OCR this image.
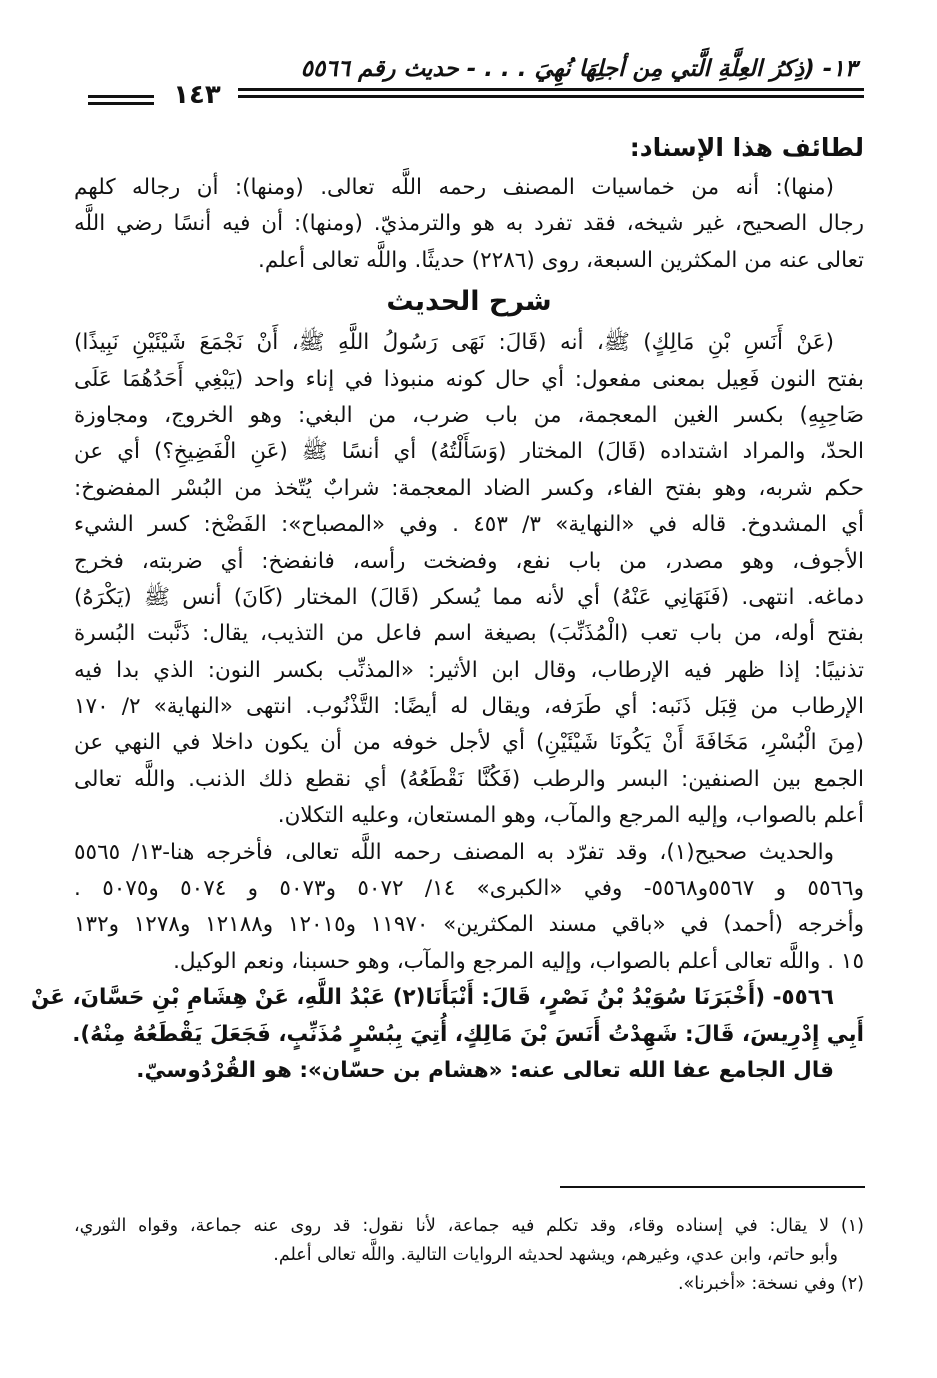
١٣- (ذِكرُ العِلَّةِ الَّتي مِن أجلِهَا نُهِيَ . . . - حديث رقم ٥٥٦٦
١٤٣
لطائف هذا الإسناد:
(منها): أنه من خماسيات المصنف رحمه اللَّه تعالى. (ومنها): أن رجاله كلهم
رجال الصحيح، غير شيخه، فقد تفرد به هو والترمذيّ. (ومنها): أن فيه أنسًا رضي اللَّه
تعالى عنه من المكثرين السبعة، روى (٢٢٨٦) حديثًا. واللَّه تعالى أعلم.
شرح الحديث
(عَنْ أَنَسِ بْنِ مَالِكٍ) ﷺ، أنه (قَالَ: نَهَى رَسُولُ اللَّهِ ﷺ، أَنْ نَجْمَعَ شَيْئَيْنِ نَبِيذًا)
بفتح النون فَعِيل بمعنى مفعول: أي حال كونه منبوذا في إناء واحد (يَبْغِي أَحَدُهُمَا عَلَى
صَاحِبِهِ) بكسر الغين المعجمة، من باب ضرب، من البغي: وهو الخروج، ومجاوزة
الحدّ، والمراد اشتداده (قَالَ) المختار (وَسَأَلْتُهُ) أي أنسًا ﷺ (عَنِ الْفَضِيخِ؟) أي عن
حكم شربه، وهو بفتح الفاء، وكسر الضاد المعجمة: شرابٌ يُتّخذ من البُسْر المفضوخ:
أي المشدوخ. قاله في «النهاية» ٣/ ٤٥٣ . وفي «المصباح»: الفَضْخ: كسر الشيء
الأجوف، وهو مصدر، من باب نفع، وفضخت رأسه، فانفضخ: أي ضربته، فخرج
دماغه. انتهى. (فَنَهَانِي عَنْهُ) أي لأنه مما يُسكر (قَالَ) المختار (كَانَ) أنس ﷺ (يَكْرَهُ)
بفتح أوله، من باب تعب (الْمُذَنِّبَ) بصيغة اسم فاعل من التذيب، يقال: ذَنَّبت البُسرة
تذنيبًا: إذا ظهر فيه الإرطاب، وقال ابن الأثير: «المذنِّب بكسر النون: الذي بدا فيه
الإرطاب من قِبَل ذَنَبه: أي طَرَفه، ويقال له أيضًا: التَّذْنُوب. انتهى «النهاية» ٢/ ١٧٠
(مِنَ الْبُسْرِ، مَخَافَةَ أَنْ يَكُونَا شَيْئَيْنِ) أي لأجل خوفه من أن يكون داخلا في النهي عن
الجمع بين الصنفين: البسر والرطب (فَكُنَّا نَقْطَعُهُ) أي نقطع ذلك الذنب. واللَّه تعالى
أعلم بالصواب، وإليه المرجع والمآب، وهو المستعان، وعليه التكلان.
والحديث صحيح(١)، وقد تفرّد به المصنف رحمه اللَّه تعالى، فأخرجه هنا-١٣/ ٥٥٦٥
و٥٥٦٦ و ٥٥٦٧و٥٥٦٨- وفي «الكبرى» ١٤/ ٥٠٧٢ و٥٠٧٣ و ٥٠٧٤ و٥٠٧٥ .
وأخرجه (أحمد) في «باقي مسند المكثرين» ١١٩٧٠ و١٢٠١٥ و١٢١٨٨ و١٢٧٨ و١٣٢
١٥ . واللَّه تعالى أعلم بالصواب، وإليه المرجع والمآب، وهو حسبنا، ونعم الوكيل.
٥٥٦٦- (أَخْبَرَنَا سُوَيْدُ بْنُ نَصْرٍ، قَالَ: أَنْبَأَنَا(٢) عَبْدُ اللَّهِ، عَنْ هِشَامِ بْنِ حَسَّانَ، عَنْ
أَبِي إِدْرِيسَ، قَالَ: شَهِدْتُ أَنَسَ بْنَ مَالِكٍ، أُتِيَ بِبُسْرٍ مُذَنِّبٍ، فَجَعَلَ يَقْطَعُهُ مِنْهُ).
قال الجامع عفا الله تعالى عنه: «هشام بن حسّان»: هو القُرْدُوسيّ.
(١) لا يقال: في إسناده وقاء، وقد تكلم فيه جماعة، لأنا نقول: قد روى عنه جماعة، وقواه الثوري،
وأبو حاتم، وابن عدي، وغيرهم، ويشهد لحديثه الروايات التالية. واللَّه تعالى أعلم.
(٢) وفي نسخة: «أخبرنا».
